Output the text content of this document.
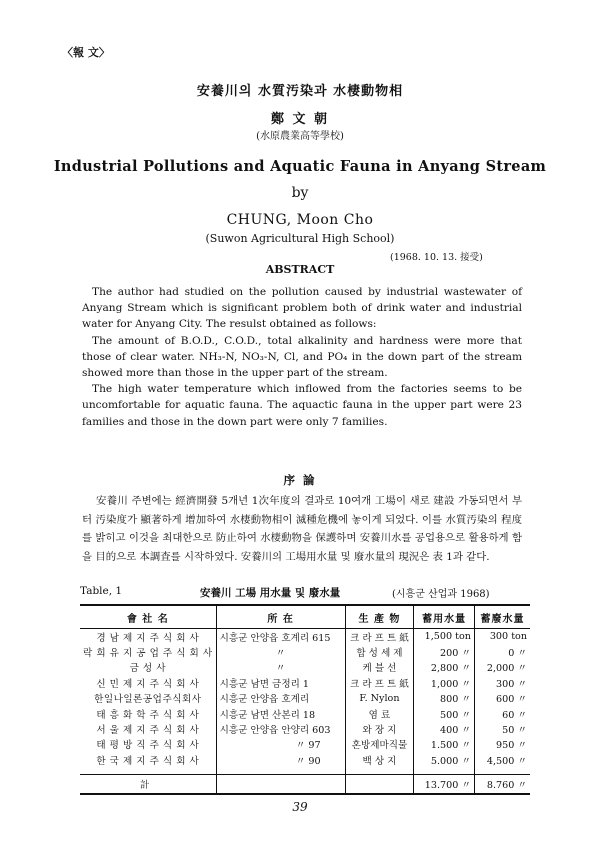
〈報 文〉
安養川의 水質汚染과 水棲動物相
鄭 文 朝
(水原農業高等學校)
Industrial Pollutions and Aquatic Fauna in Anyang Stream
by
CHUNG, Moon Cho
(Suwon Agricultural High School)
(1968. 10. 13. 接受)
ABSTRACT

The author had studied on the pollution caused by industrial wastewater of Anyang Stream which is significant problem both of drink water and industrial water for Anyang City. The resulst obtained as follows:

The amount of B.O.D., C.O.D., total alkalinity and hardness were more that those of clear water. NH₃-N, NO₃-N, Cl, and PO₄ in the down part of the stream showed more than those in the upper part of the stream.

The high water temperature which inflowed from the factories seems to be uncomfortable for aquatic fauna. The aquactic fauna in the upper part were 23 families and those in the down part were only 7 families.

序 論

安養川 주변에는 經濟開發 5개년 1次年度의 결과로 10여개 工場이 새로 建設 가동되면서 부터 汚染度가 顯著하게 增加하여 水棲動物相이 滅種危機에 놓이게 되었다. 이를 水質汚染의 程度를 밝히고 이것을 최대한으로 防止하여 水棲動物을 保護하며 安養川水를 공업용으로 활용하게 함을 目的으로 本調査를 시작하였다. 安養川의 工場用水量 및 廢水量의 現況은 表 1과 같다.

Table, 1	安養川 工場 用水量 및 廢水量	(시흥군 산업과 1968)
會 社 名	所 在	生 產 物	蓄用水量	蓄廢水量
경 남 제 지 주 식 회 사	시흥군 안양읍 호계리 615	크 라 프 트 紙	1,500 ton	300 ton
락 희 유 지 공 업 주 식 회 사	〃	합 성 세 제	200 〃	0 〃
금 성 사	〃	케 블 선	2,800 〃	2,000 〃
신 민 제 지 주 식 회 사	시흥군 남면 금정리 1	크 라 프 트 紙	1,000 〃	300 〃
한일나일론공업주식회사	시흥군 안양읍 호계리	F. Nylon	800 〃	600 〃
태 흥 화 학 주 식 회 사	시흥군 남면 산본리 18	염 료	500 〃	60 〃
서 울 제 지 주 식 회 사	시흥군 안양읍 안양리 603	와 장 지	400 〃	50 〃
태 평 방 직 주 식 회 사	〃 97	혼방제마직물	1.500 〃	950 〃
한 국 제 지 주 식 회 사	〃 90	백 상 지	5.000 〃	4,500 〃
計			13.700 〃	8.760 〃
39
